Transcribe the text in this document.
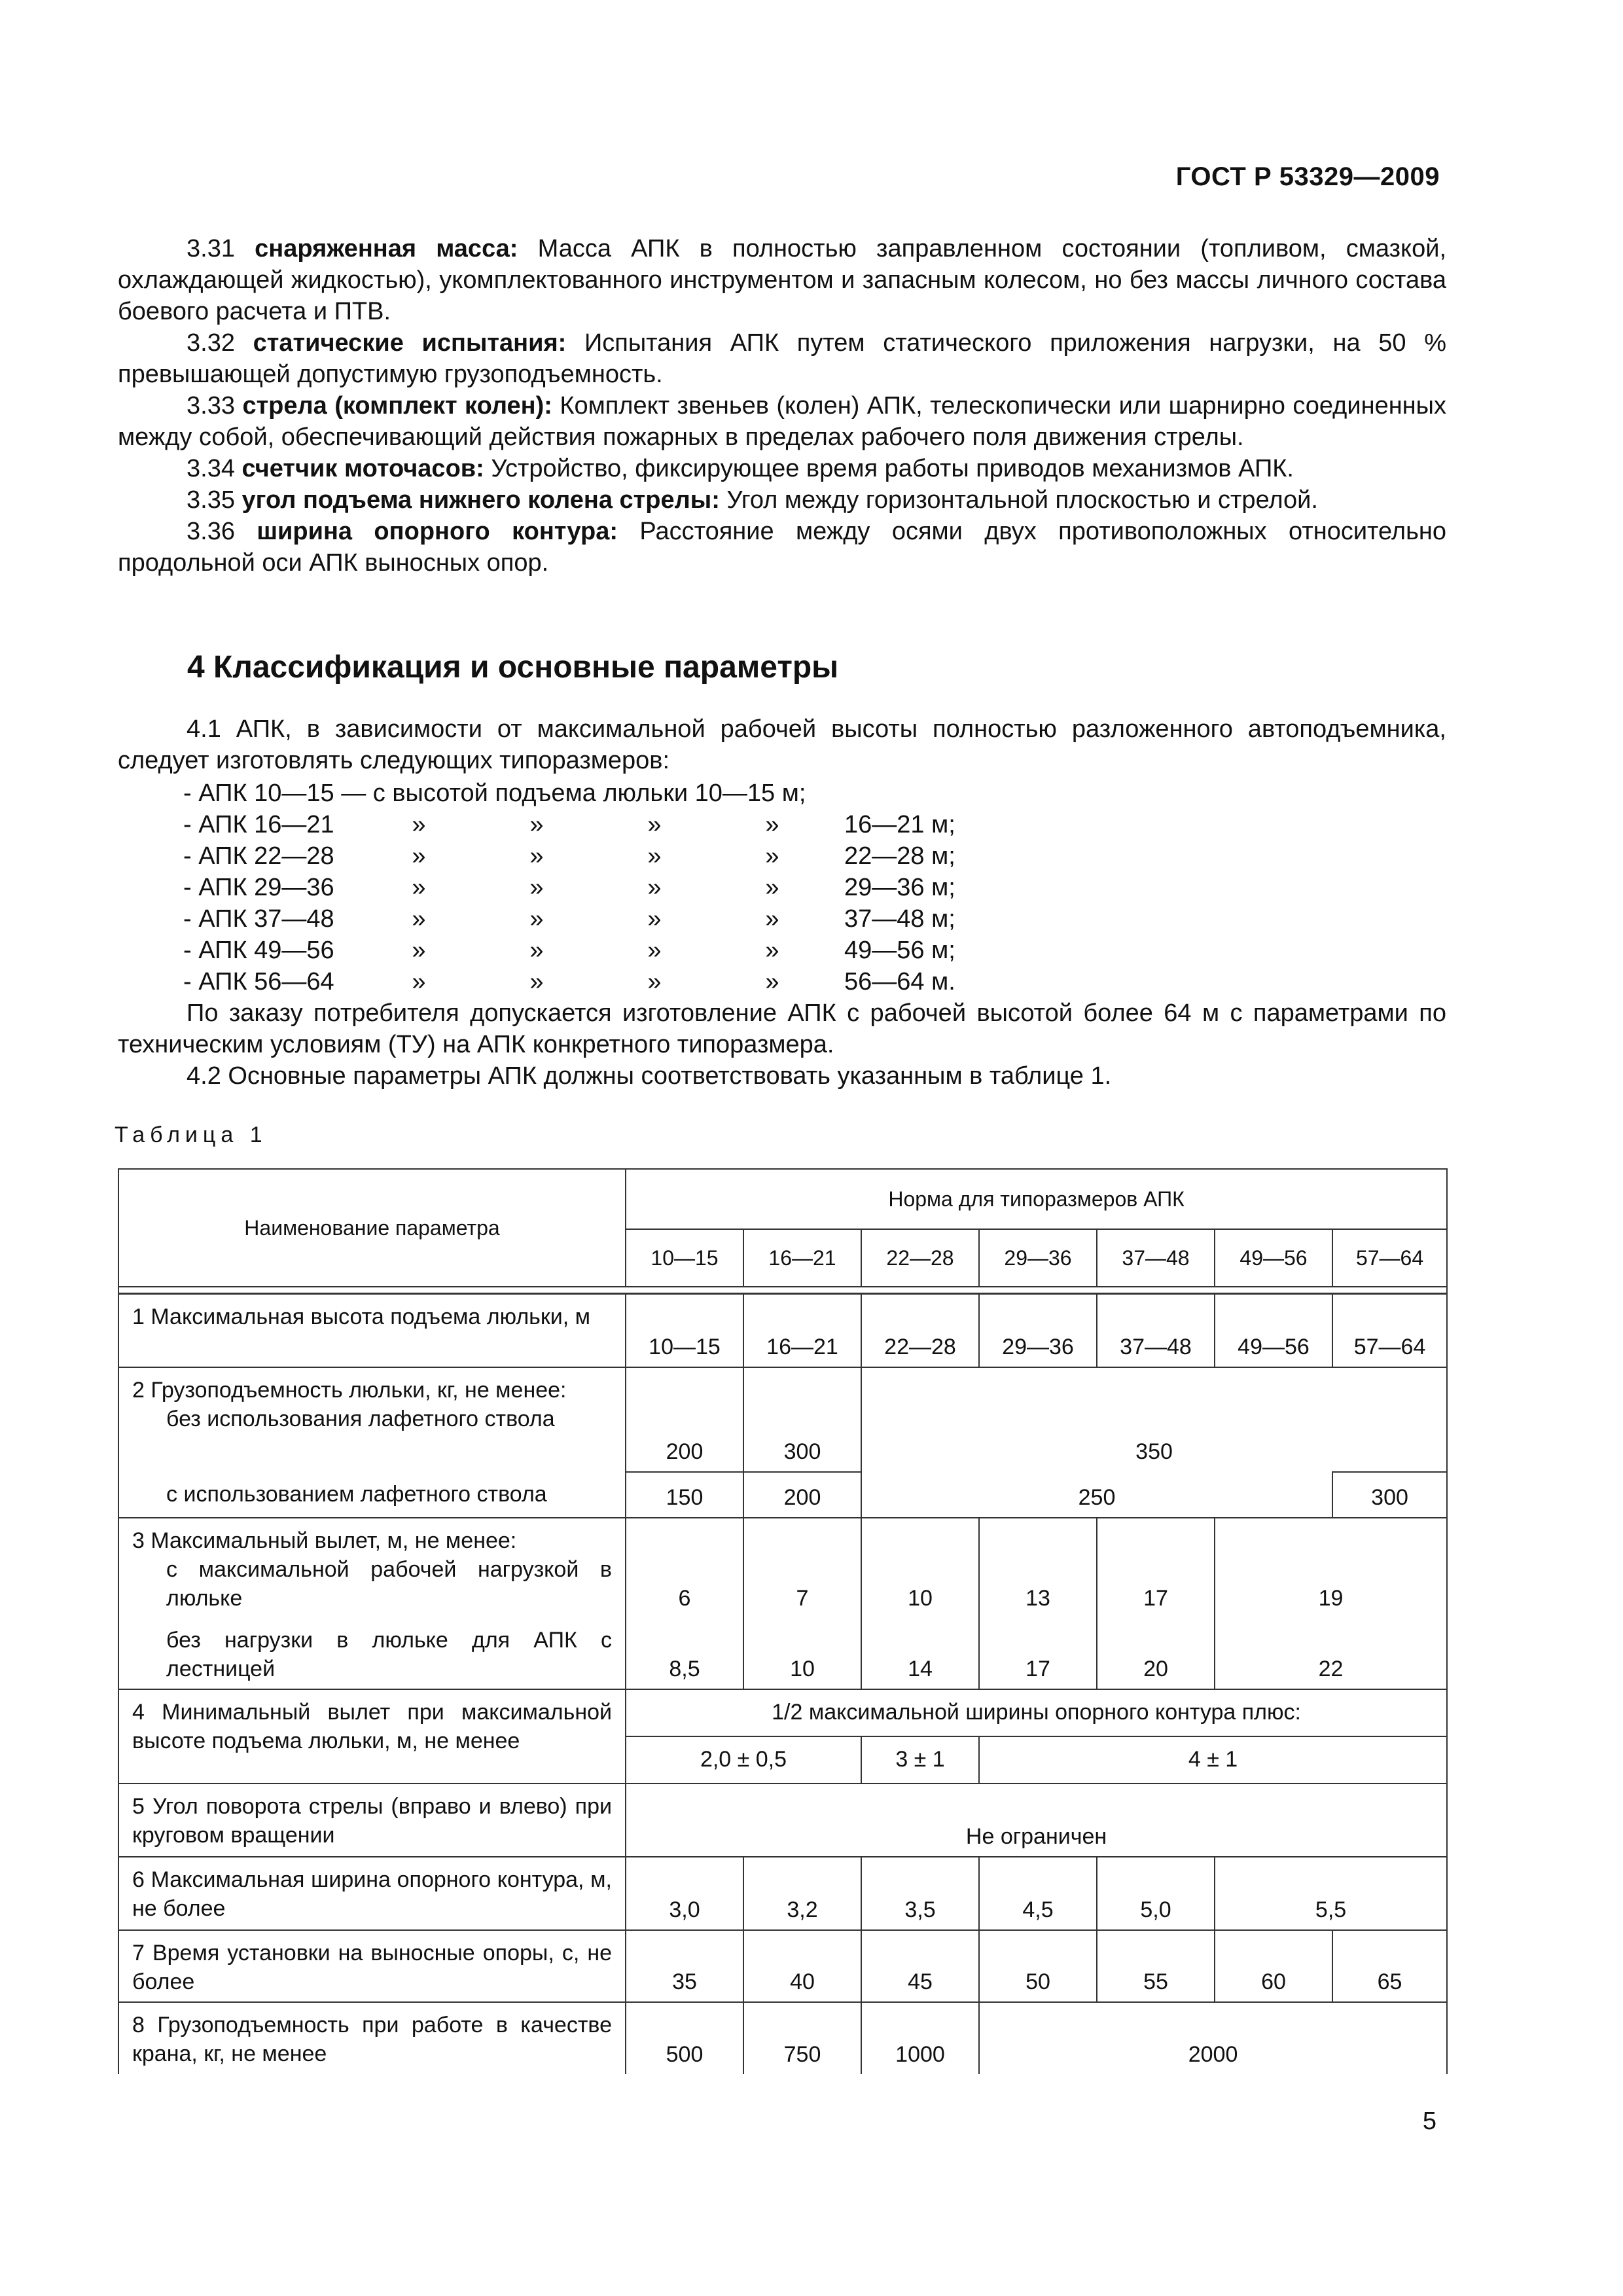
ГОСТ Р 53329—2009

3.31 снаряженная масса: Масса АПК в полностью заправленном состоянии (топливом, смазкой, охлаждающей жидкостью), укомплектованного инструментом и запасным колесом, но без массы личного состава боевого расчета и ПТВ.

3.32 статические испытания: Испытания АПК путем статического приложения нагрузки, на 50 % превышающей допустимую грузоподъемность.

3.33 стрела (комплект колен): Комплект звеньев (колен) АПК, телескопически или шарнирно соединенных между собой, обеспечивающий действия пожарных в пределах рабочего поля движения стрелы.

3.34 счетчик моточасов: Устройство, фиксирующее время работы приводов механизмов АПК.

3.35 угол подъема нижнего колена стрелы: Угол между горизонтальной плоскостью и стрелой.

3.36 ширина опорного контура: Расстояние между осями двух противоположных относительно продольной оси АПК выносных опор.

4 Классификация и основные параметры

4.1 АПК, в зависимости от максимальной рабочей высоты полностью разложенного автоподъемника, следует изготовлять следующих типоразмеров:

- АПК 10—15 — с высотой подъема люльки 10—15 м;
- АПК 16—21	»	»	»	»	16—21 м;
- АПК 22—28	»	»	»	»	22—28 м;
- АПК 29—36	»	»	»	»	29—36 м;
- АПК 37—48	»	»	»	»	37—48 м;
- АПК 49—56	»	»	»	»	49—56 м;
- АПК 56—64	»	»	»	»	56—64 м.

По заказу потребителя допускается изготовление АПК с рабочей высотой более 64 м с параметрами по техническим условиям (ТУ) на АПК конкретного типоразмера.

4.2 Основные параметры АПК должны соответствовать указанным в таблице 1.

Таблица 1
Наименование параметра	Норма для типоразмеров АПК						
	10—15	16—21	22—28	29—36	37—48	49—56	57—64

1 Максимальная высота подъема люльки, м	10—15	16—21	22—28	29—36	37—48	49—56	57—64
2 Грузоподъемность люльки, кг, не менее:
без использования лафетного ствола	200	300	350				

с использованием лафетного ствола	150	200	250				300
3 Максимальный вылет, м, не менее:
с максимальной рабочей нагрузкой в люльке	6	7	10	13	17	19	

без нагрузки в люльке для АПК с лестницей	8,5	10	14	17	20	22	
4 Минимальный вылет при максимальной высоте подъема люльки, м, не менее	1/2 максимальной ширины опорного контура плюс:						
	2,0 ± 0,5		3 ± 1	4 ± 1			
5 Угол поворота стрелы (вправо и влево) при круговом вращении	Не ограничен						
6 Максимальная ширина опорного контура, м, не более	3,0	3,2	3,5	4,5	5,0	5,5	
7 Время установки на выносные опоры, с, не более	35	40	45	50	55	60	65
8 Грузоподъемность при работе в качестве крана, кг, не менее	500	750	1000	2000			
5
